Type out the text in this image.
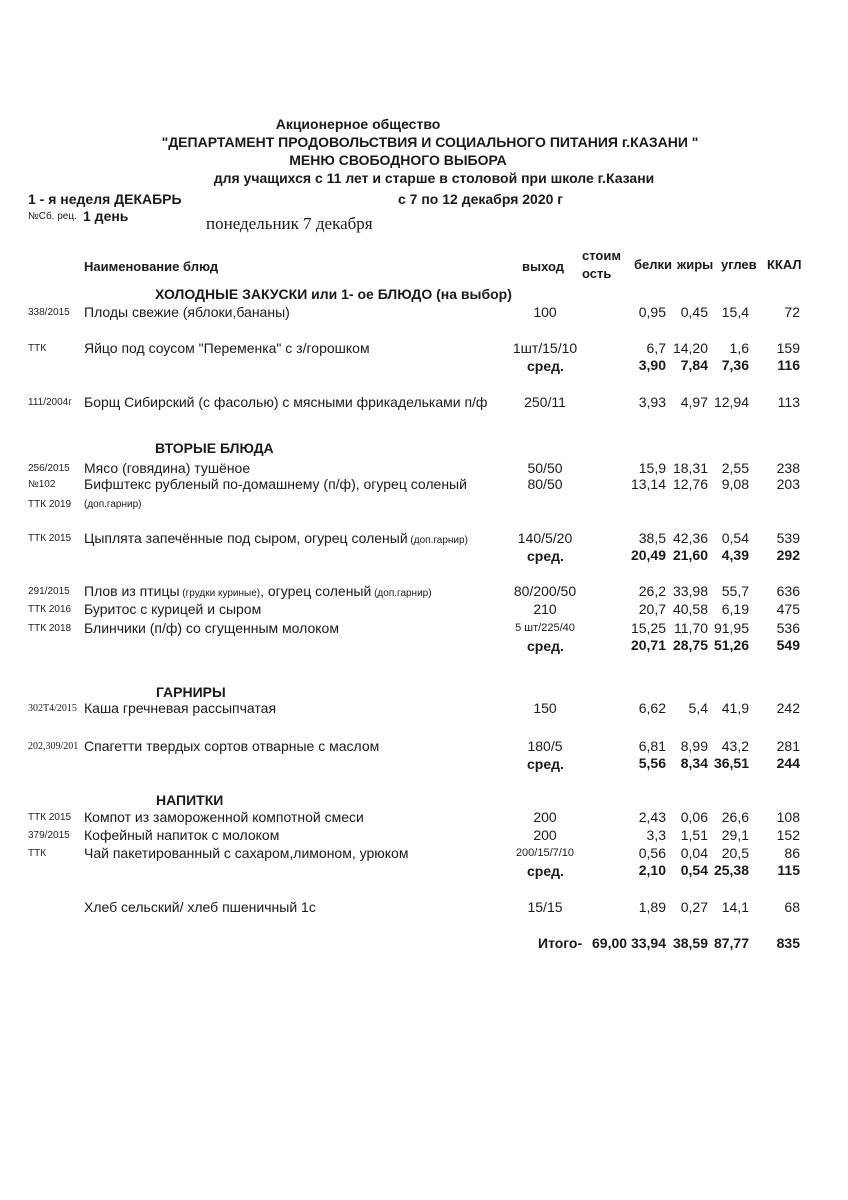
Акционерное общество
"ДЕПАРТАМЕНТ ПРОДОВОЛЬСТВИЯ И СОЦИАЛЬНОГО ПИТАНИЯ г.КАЗАНИ "
МЕНЮ СВОБОДНОГО ВЫБОРА
для учащихся с 11 лет и старше в столовой при школе г.Казани
1 - я неделя ДЕКАБРЬ	с 7 по 12 декабря 2020 г
№Сб. рец. 1 день	понедельник 7 декабря
Наименование блюд	выход
стоим
ость
белки жиры углев ККАЛ
ХОЛОДНЫЕ ЗАКУСКИ или 1- ое БЛЮДО (на выбор)
ВТОРЫЕ БЛЮДА
ГАРНИРЫ
НАПИТКИ
338/2015 Плоды свежие (яблоки,бананы)	100	0,95 0,45 15,4	72
ТТК	Яйцо под соусом "Переменка" с з/горошком	1шт/15/10	6,7 14,20 1,6 159
сред.	3,90 7,84 7,36 116
111/2004г Борщ Сибирский (с фасолью) с мясными фрикадельками п/ф	250/11	3,93 4,97 12,94 113
256/2015 Мясо (говядина) тушёное	50/50	15,9 18,31 2,55 238
№102 Бифштекс рубленый по-домашнему (п/ф), огурец соленый	80/50	13,14 12,76 9,08 203
ТТК 2019 (доп.гарнир)
ТТК 2015 Цыплята запечённые под сыром, огурец соленый (доп.гарнир)	140/5/20	38,5 42,36 0,54 539
сред.	20,49 21,60 4,39 292
291/2015 Плов из птицы (грудки куриные), огурец соленый (доп.гарнир)	80/200/50	26,2 33,98 55,7 636
ТТК 2016 Буритос с курицей и сыром	210	20,7 40,58 6,19 475
ТТК 2018 Блинчики (п/ф) со сгущенным молоком	5 шт/225/40	15,25 11,70 91,95 536
сред.	20,71 28,75 51,26 549
302Т4/2015 Каша гречневая рассыпчатая	150	6,62 5,4 41,9 242
202,309/201 Спагетти твердых сортов отварные с маслом	180/5	6,81 8,99 43,2 281
сред.	5,56 8,34 36,51 244
ТТК 2015 Компот из замороженной компотной смеси	200	2,43 0,06 26,6 108
379/2015 Кофейный напиток с молоком	200	3,3 1,51 29,1 152
ТТК	Чай пакетированный с сахаром,лимоном, урюком	200/15/7/10	0,56 0,04 20,5	86
сред.	2,10 0,54 25,38 115
Хлеб сельский/ хлеб пшеничный 1с	15/15	1,89 0,27 14,1	68
Итого- 69,00 33,94 38,59 87,77 835
